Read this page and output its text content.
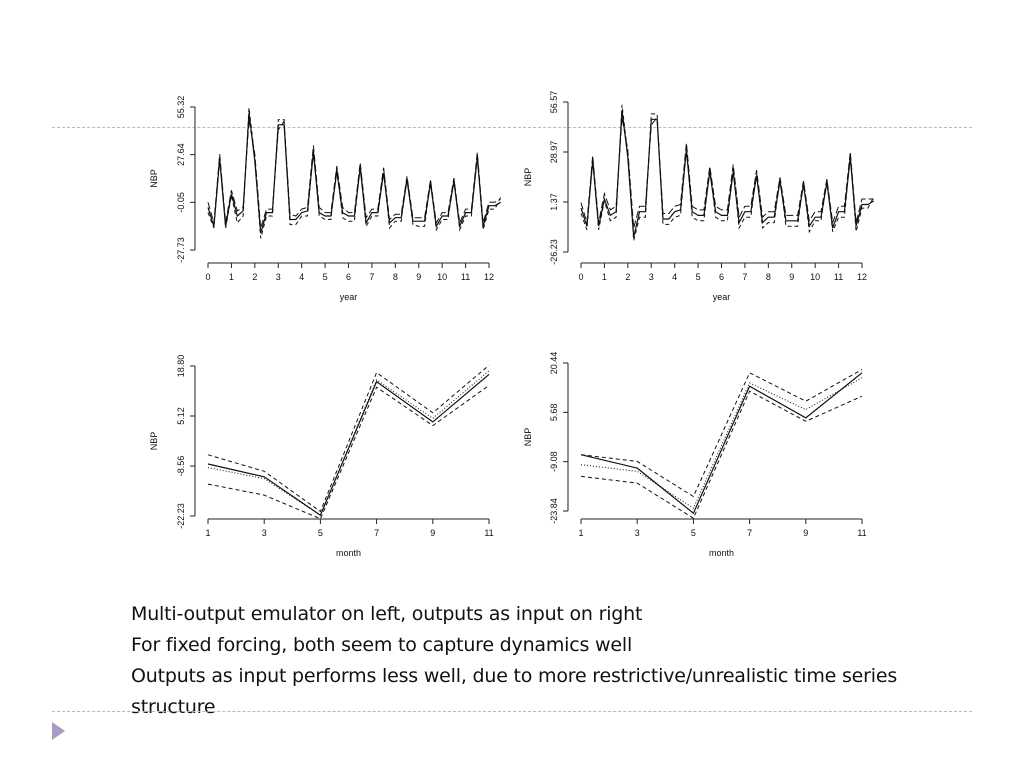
0 1 2 3 4 5 6 7 8 9 10 11 12
year
-27.73
-0.05
27.64
55.32
NBP
0 1 2 3 4 5 6 7 8 9 10 11 12
year
-26.23
1.37
28.97
56.57
NBP
1	3	5	7	9	11
month
-22.23
-8.56
5.12
18.80
NBP
1	3	5	7	9	11
month
-23.84
-9.08
5.68
20.44
NBP

Multi-output emulator on left, outputs as input on right

For fixed forcing, both seem to capture dynamics well

Outputs as input performs less well, due to more restrictive/unrealistic time series structure
